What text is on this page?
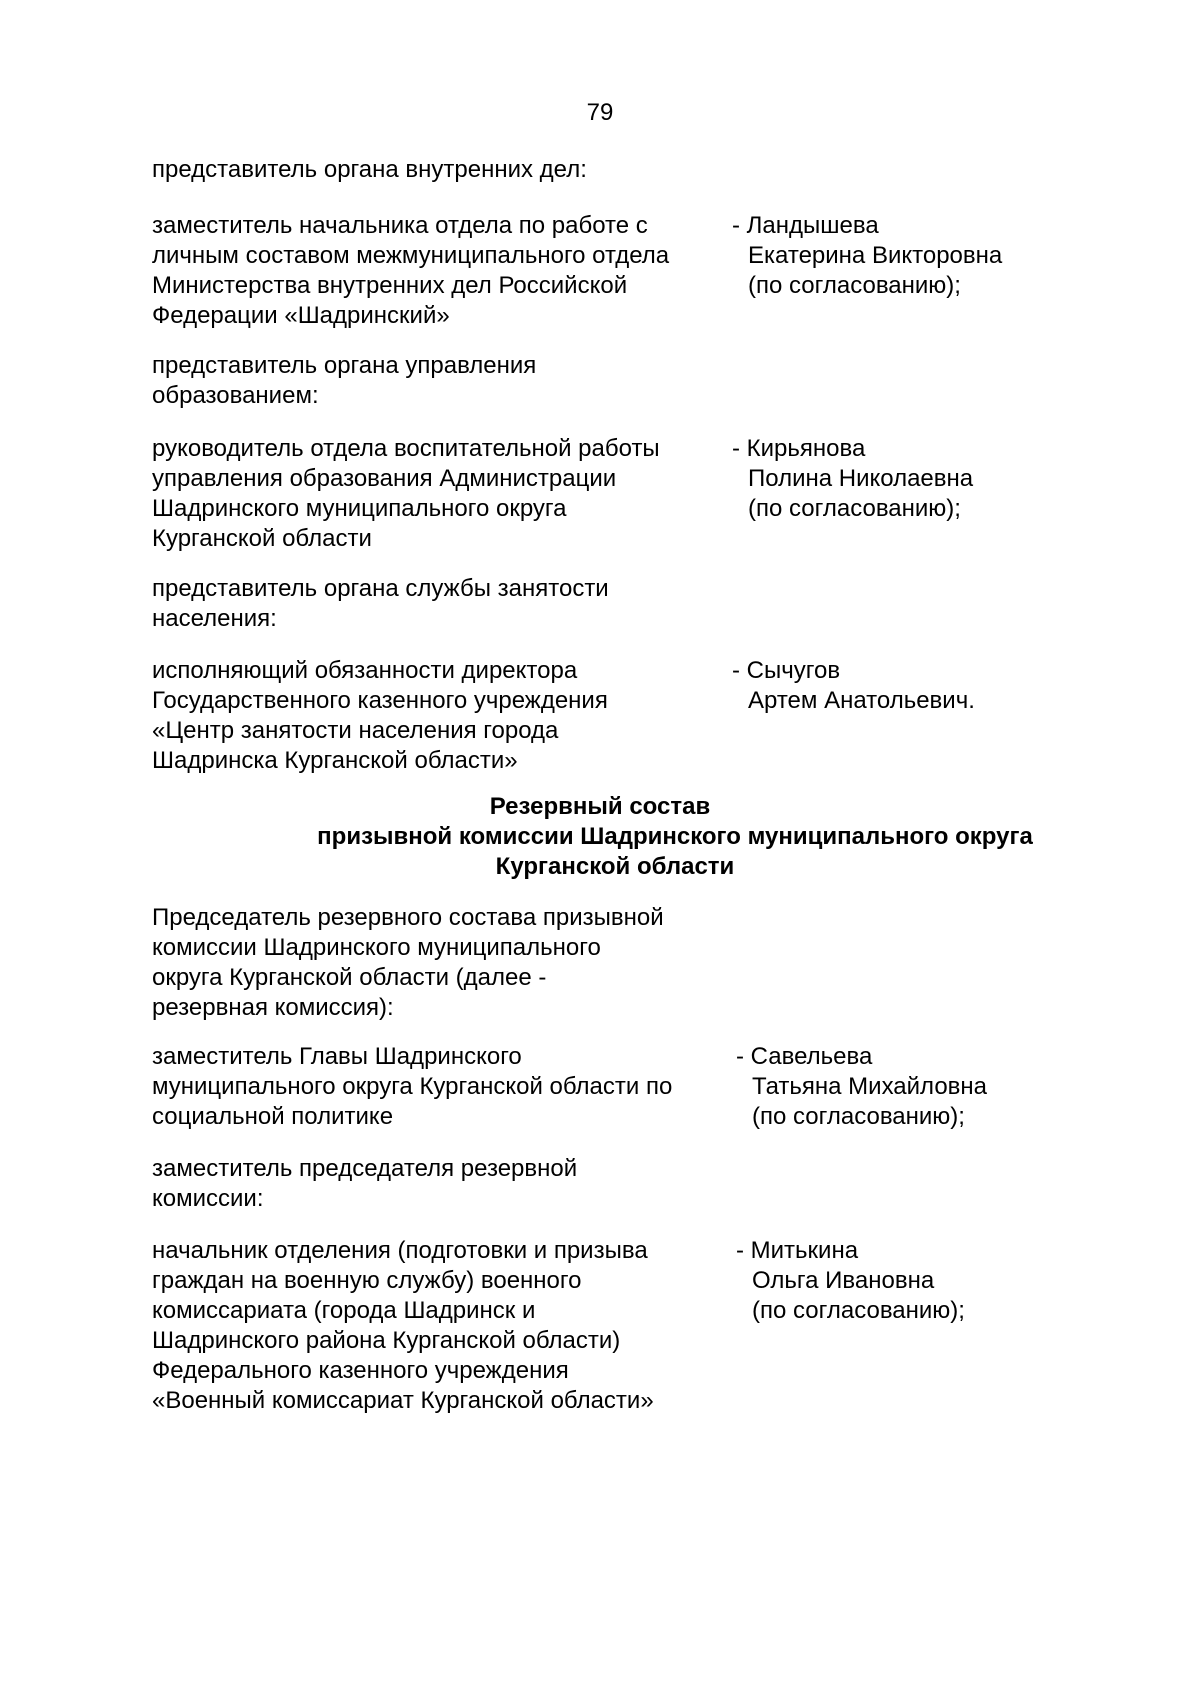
79
представитель органа внутренних дел:
заместитель начальника отдела по работе с
личным составом межмуниципального отдела
Министерства внутренних дел Российской
Федерации «Шадринский»
- Ландышева
Екатерина Викторовна
(по согласованию);
представитель органа управления
образованием:
руководитель отдела воспитательной работы
управления образования Администрации
Шадринского муниципального округа
Курганской области
- Кирьянова
Полина Николаевна
(по согласованию);
представитель органа службы занятости
населения:
исполняющий обязанности директора
Государственного казенного учреждения
«Центр занятости населения города
Шадринска Курганской области»
- Сычугов
Артем Анатольевич.
Резервный состав
призывной комиссии Шадринского муниципального округа
Курганской области
Председатель резервного состава призывной
комиссии Шадринского муниципального
округа Курганской области (далее -
резервная комиссия):
заместитель Главы Шадринского
муниципального округа Курганской области по
социальной политике
- Савельева
Татьяна Михайловна
(по согласованию);
заместитель председателя резервной
комиссии:
начальник отделения (подготовки и призыва
граждан на военную службу) военного
комиссариата (города Шадринск и
Шадринского района Курганской области)
Федерального казенного учреждения
«Военный комиссариат Курганской области»
- Митькина
Ольга Ивановна
(по согласованию);
